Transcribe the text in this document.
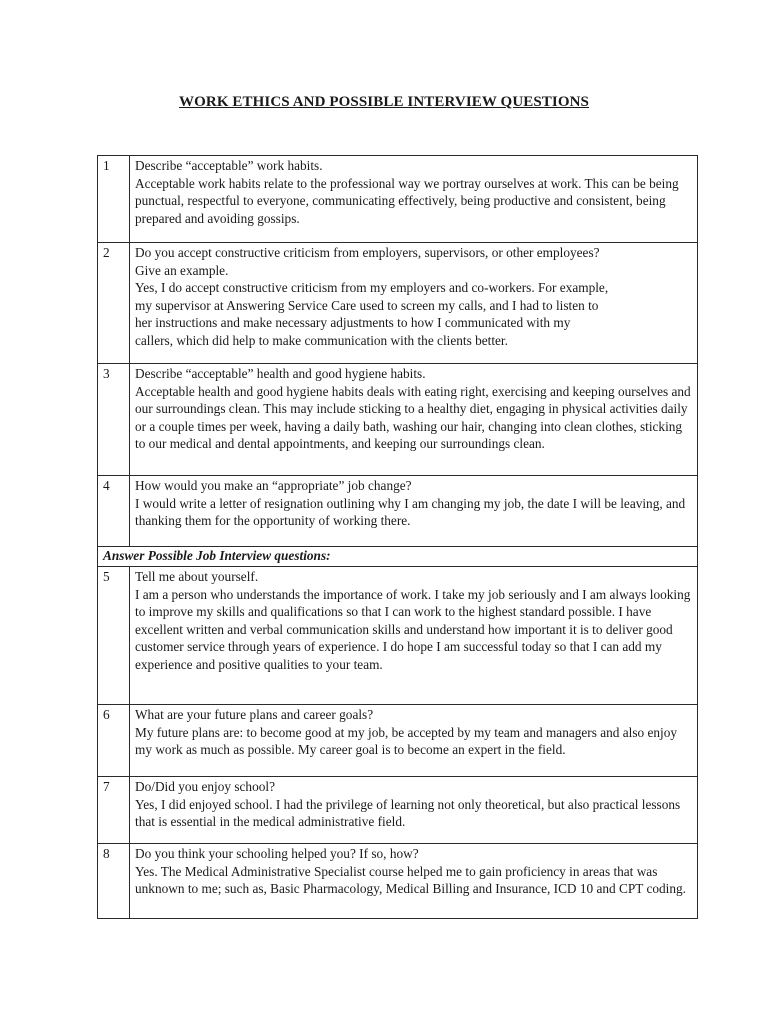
WORK ETHICS AND POSSIBLE INTERVIEW QUESTIONS
1	Describe “acceptable” work habits.

Acceptable work habits relate to the professional way we portray ourselves at work. This can be being punctual, respectful to everyone, communicating effectively, being productive and consistent, being prepared and avoiding gossips.

2	Do you accept constructive criticism from employers, supervisors, or other employees? Give an example.

Yes, I do accept constructive criticism from my employers and co-workers. For example, my supervisor at Answering Service Care used to screen my calls, and I had to listen to her instructions and make necessary adjustments to how I communicated with my callers, which did help to make communication with the clients better.

3	Describe “acceptable” health and good hygiene habits.

Acceptable health and good hygiene habits deals with eating right, exercising and keeping ourselves and our surroundings clean. This may include sticking to a healthy diet, engaging in physical activities daily or a couple times per week, having a daily bath, washing our hair, changing into clean clothes, sticking to our medical and dental appointments, and keeping our surroundings clean.

4	How would you make an “appropriate” job change?

I would write a letter of resignation outlining why I am changing my job, the date I will be leaving, and thanking them for the opportunity of working there.

Answer Possible Job Interview questions:	
5	Tell me about yourself.

I am a person who understands the importance of work. I take my job seriously and I am always looking to improve my skills and qualifications so that I can work to the highest standard possible. I have excellent written and verbal communication skills and understand how important it is to deliver good customer service through years of experience. I do hope I am successful today so that I can add my experience and positive qualities to your team.

6	What are your future plans and career goals?

My future plans are: to become good at my job, be accepted by my team and managers and also enjoy my work as much as possible. My career goal is to become an expert in the field.

7	Do/Did you enjoy school?

Yes, I did enjoyed school. I had the privilege of learning not only theoretical, but also practical lessons that is essential in the medical administrative field.

8	Do you think your schooling helped you? If so, how?

Yes. The Medical Administrative Specialist course helped me to gain proficiency in areas that was unknown to me; such as, Basic Pharmacology, Medical Billing and Insurance, ICD 10 and CPT coding.
